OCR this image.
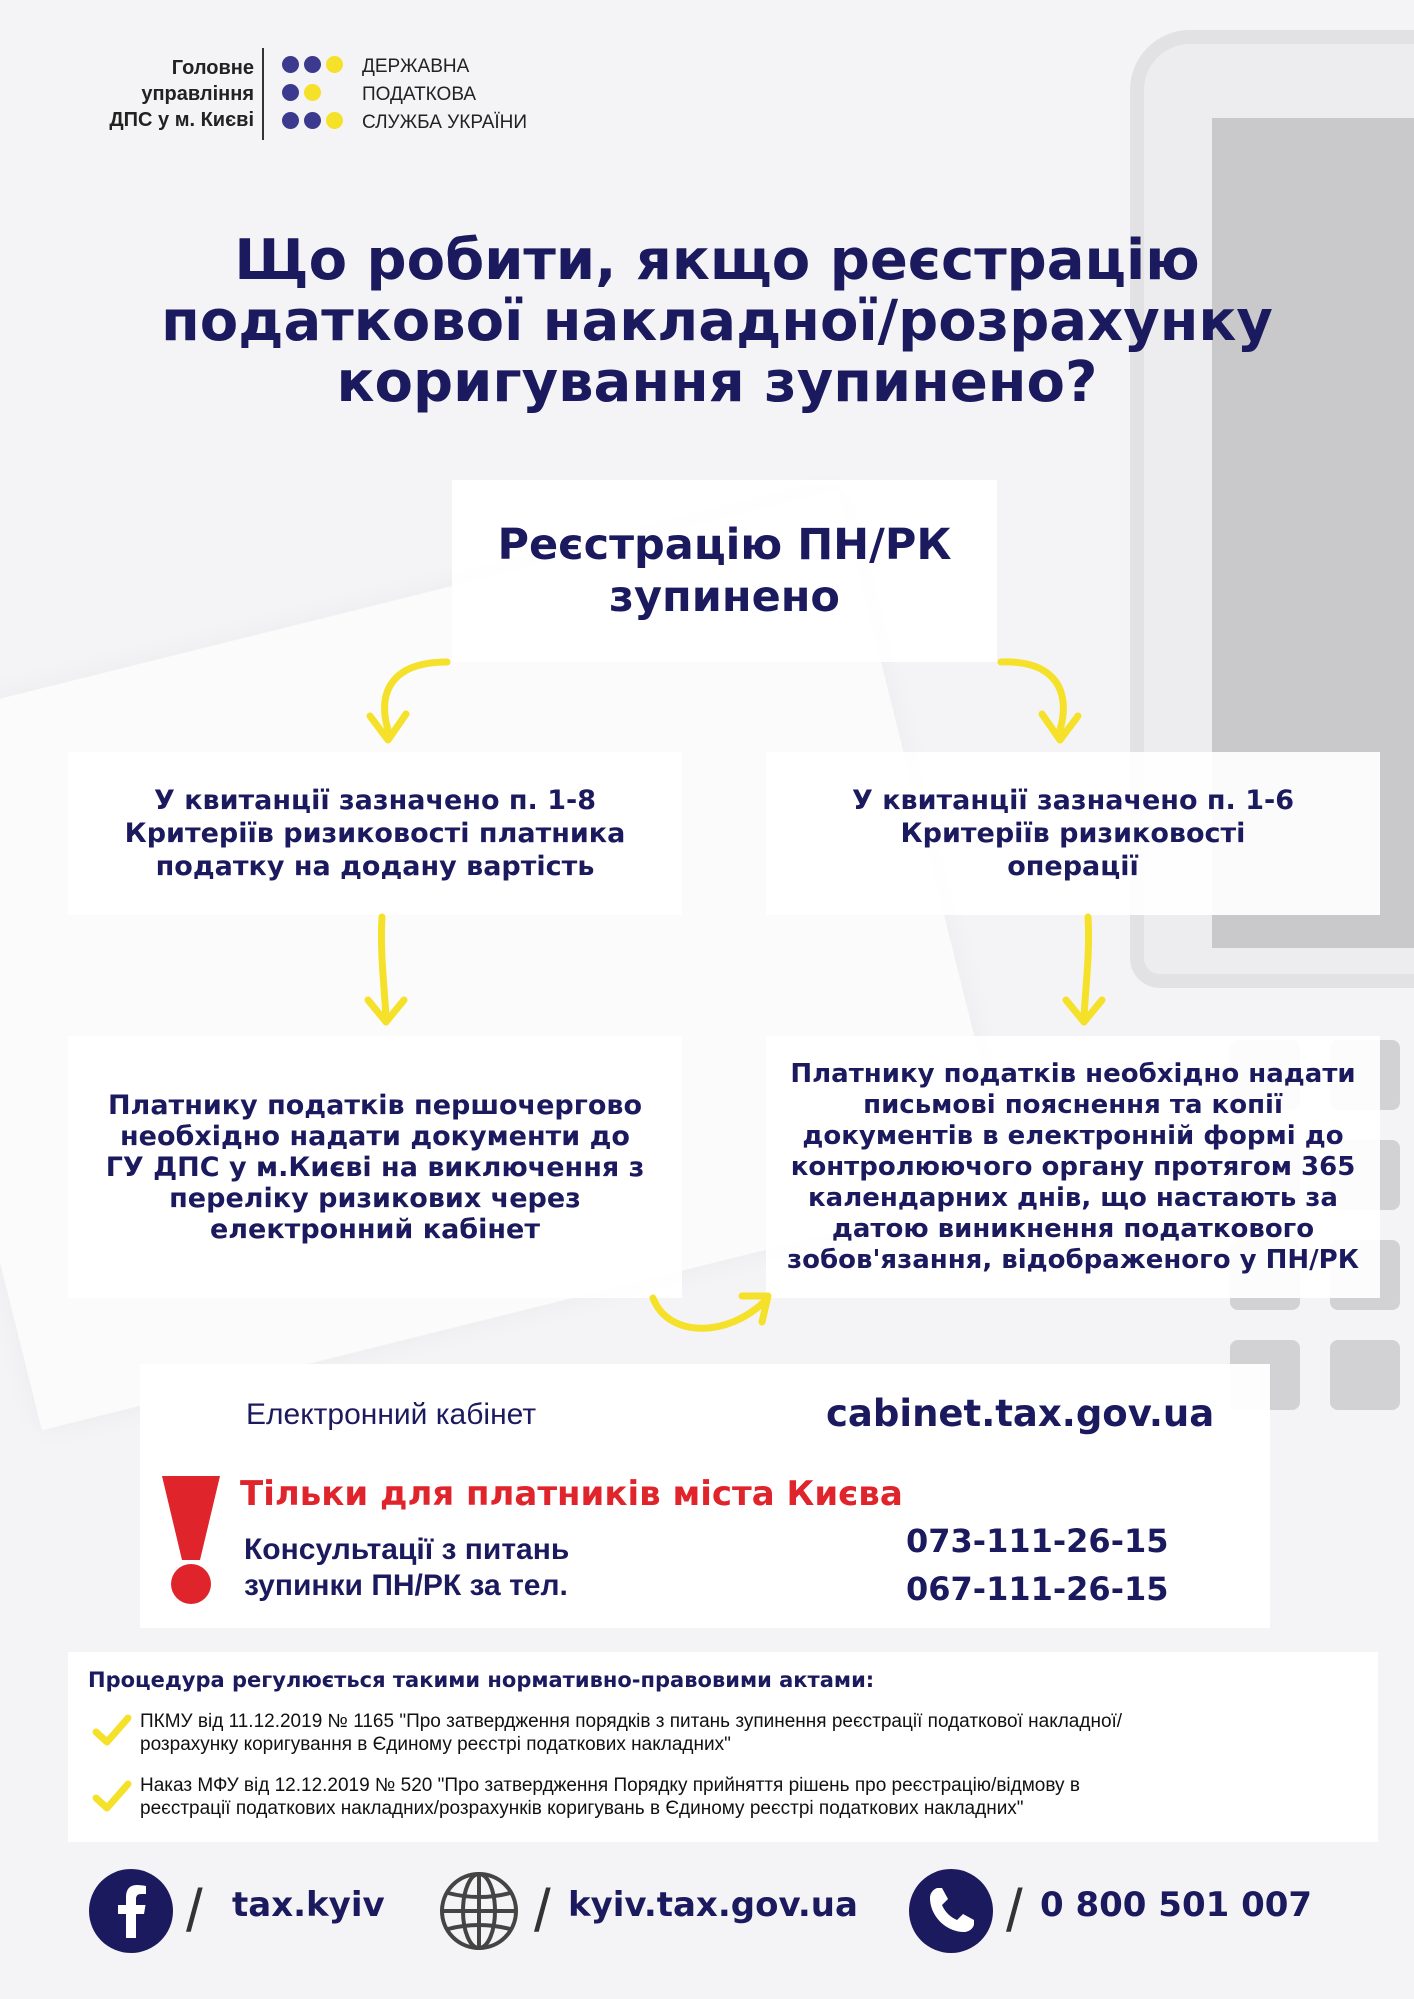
Головне
управління
ДПС у м. Києві
ДЕРЖАВНА
ПОДАТКОВА
СЛУЖБА УКРАЇНИ
Що робити, якщо реєстрацію
податкової накладної/розрахунку
коригування зупинено?
Реєстрацію ПН/РК
зупинено
У квитанції зазначено п. 1-8
Критеріїв ризиковості платника
податку на додану вартість
У квитанції зазначено п. 1-6
Критеріїв ризиковості
операції
Платнику податків першочергово
необхідно надати документи до
ГУ ДПС у м.Києві на виключення з
переліку ризикових через
електронний кабінет
Платнику податків необхідно надати
письмові пояснення та копії
документів в електронній формі до
контролюючого органу протягом 365
календарних днів, що настають за
датою виникнення податкового
зобов'язання, відображеного у ПН/РК
Електронний кабінет	cabinet.tax.gov.ua
Тільки для платників міста Києва
Консультації з питань
зупинки ПН/РК за тел.
073-111-26-15
067-111-26-15
Процедура регулюється такими нормативно-правовими актами:
ПКМУ від 11.12.2019 № 1165 "Про затвердження порядків з питань зупинення реєстрації податкової накладної/
розрахунку коригування в Єдиному реєстрі податкових накладних"
Наказ МФУ від 12.12.2019 № 520 "Про затвердження Порядку прийняття рішень про реєстрацію/відмову в
реєстрації податкових накладних/розрахунків коригувань в Єдиному реєстрі податкових накладних"
/ tax.kyiv / kyiv.tax.gov.ua / 0 800 501 007
